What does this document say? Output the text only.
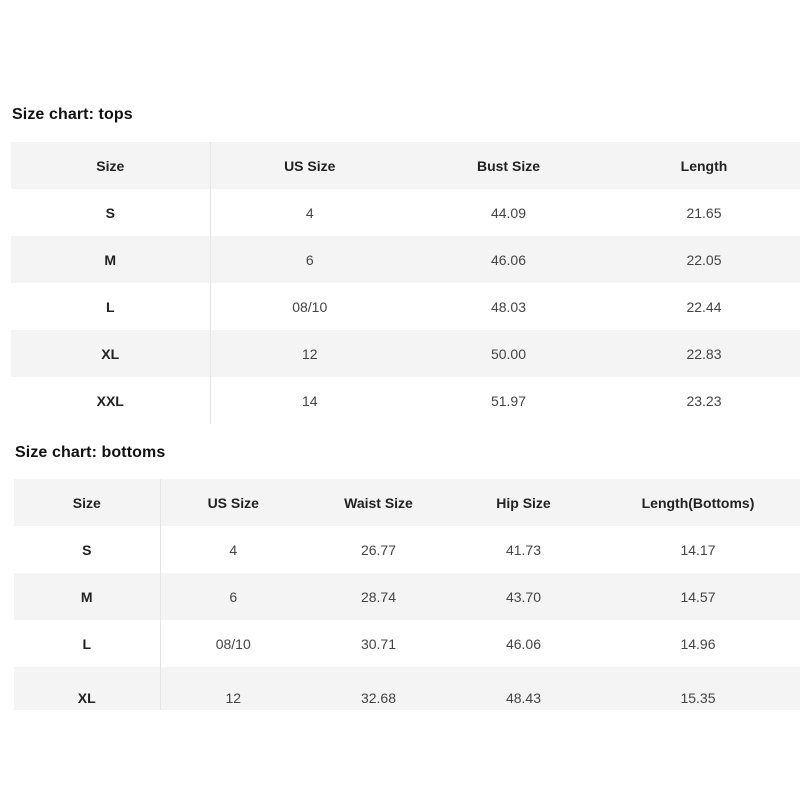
Size chart: tops
Size	US Size	Bust Size	Length
S	4	44.09	21.65
M	6	46.06	22.05
L	08/10	48.03	22.44
XL	12	50.00	22.83
XXL	14	51.97	23.23
Size chart: bottoms
Size	US Size	Waist Size	Hip Size	Length(Bottoms)
S	4	26.77	41.73	14.17
M	6	28.74	43.70	14.57
L	08/10	30.71	46.06	14.96
XL	12	32.68	48.43	15.35
